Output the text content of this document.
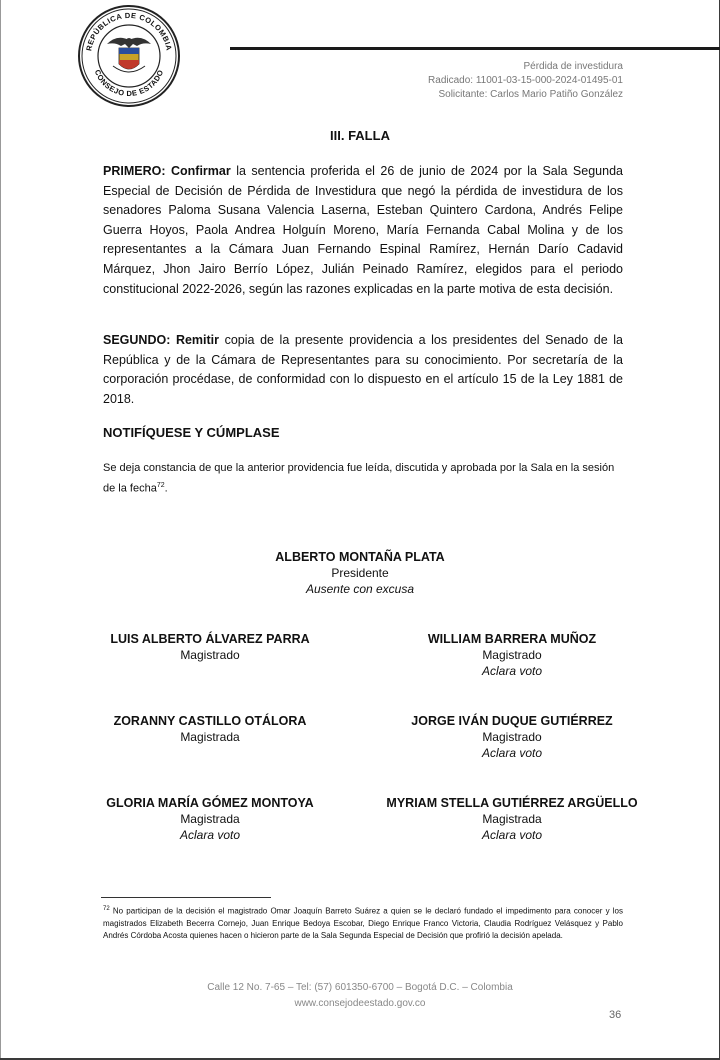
REPÚBLICA DE COLOMBIA
CONSEJO DE ESTADO
Pérdida de investidura
Radicado: 11001-03-15-000-2024-01495-01
Solicitante: Carlos Mario Patiño González
III. FALLA
PRIMERO: Confirmar la sentencia proferida el 26 de junio de 2024 por la Sala Segunda Especial de Decisión de Pérdida de Investidura que negó la pérdida de investidura de los senadores Paloma Susana Valencia Laserna, Esteban Quintero Cardona, Andrés Felipe Guerra Hoyos, Paola Andrea Holguín Moreno, María Fernanda Cabal Molina y de los representantes a la Cámara Juan Fernando Espinal Ramírez, Hernán Darío Cadavid Márquez, Jhon Jairo Berrío López, Julián Peinado Ramírez, elegidos para el periodo constitucional 2022-2026, según las razones explicadas en la parte motiva de esta decisión.
SEGUNDO: Remitir copia de la presente providencia a los presidentes del Senado de la República y de la Cámara de Representantes para su conocimiento. Por secretaría de la corporación procédase, de conformidad con lo dispuesto en el artículo 15 de la Ley 1881 de 2018.
NOTIFÍQUESE Y CÚMPLASE
Se deja constancia de que la anterior providencia fue leída, discutida y aprobada por la Sala en la sesión de la fecha$^{72}$.
ALBERTO MONTAÑA PLATA
Presidente
Ausente con excusa
LUIS ALBERTO ÁLVAREZ PARRA
Magistrado
WILLIAM BARRERA MUÑOZ
Magistrado
Aclara voto
ZORANNY CASTILLO OTÁLORA
Magistrada
JORGE IVÁN DUQUE GUTIÉRREZ
Magistrado
Aclara voto
GLORIA MARÍA GÓMEZ MONTOYA
Magistrada
Aclara voto
MYRIAM STELLA GUTIÉRREZ ARGÜELLO
Magistrada
Aclara voto
$^{72}$ No participan de la decisión el magistrado Omar Joaquín Barreto Suárez a quien se le declaró fundado el impedimento para conocer y los magistrados Elizabeth Becerra Cornejo, Juan Enrique Bedoya Escobar, Diego Enrique Franco Victoria, Claudia Rodríguez Velásquez y Pablo Andrés Córdoba Acosta quienes hacen o hicieron parte de la Sala Segunda Especial de Decisión que profirió la decisión apelada.
Calle 12 No. 7-65 – Tel: (57) 601350-6700 – Bogotá D.C. – Colombia
www.consejodeestado.gov.co
36
